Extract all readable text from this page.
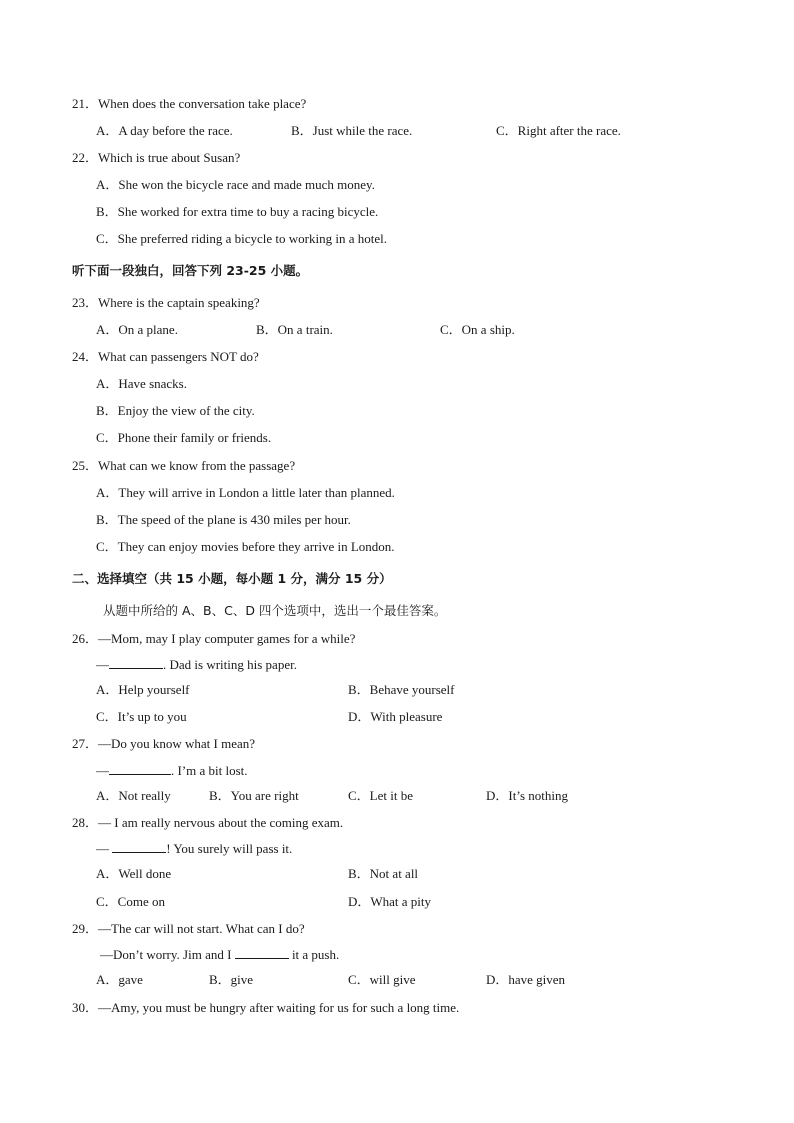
21．When does the conversation take place?
A．A day before the race.	B．Just while the race.	C．Right after the race.
22．Which is true about Susan?
A．She won the bicycle race and made much money.
B．She worked for extra time to buy a racing bicycle.
C．She preferred riding a bicycle to working in a hotel.
听下面一段独白，回答下列 23-25 小题。
23．Where is the captain speaking?
A．On a plane.	B．On a train.	C．On a ship.
24．What can passengers NOT do?
A．Have snacks.
B．Enjoy the view of the city.
C．Phone their family or friends.
25．What can we know from the passage?
A．They will arrive in London a little later than planned.
B．The speed of the plane is 430 miles per hour.
C．They can enjoy movies before they arrive in London.
二、选择填空（共 15 小题，每小题 1 分，满分 15 分）
从题中所给的 A、B、C、D 四个选项中，选出一个最佳答案。
26．—Mom, may I play computer games for a while?
—	. Dad is writing his paper.
A．Help yourself	B．Behave yourself
C．It’s up to you	D．With pleasure
27．—Do you know what I mean?
—	. I’m a bit lost.
A．Not really	B．You are right	C．Let it be	D．It’s nothing
28．— I am really nervous about the coming exam.
—	! You surely will pass it.
A．Well done	B．Not at all
C．Come on	D．What a pity
29．—The car will not start. What can I do?
—Don’t worry. Jim and I	it a push.
A．gave	B．give	C．will give	D．have given
30．—Amy, you must be hungry after waiting for us for such a long time.
